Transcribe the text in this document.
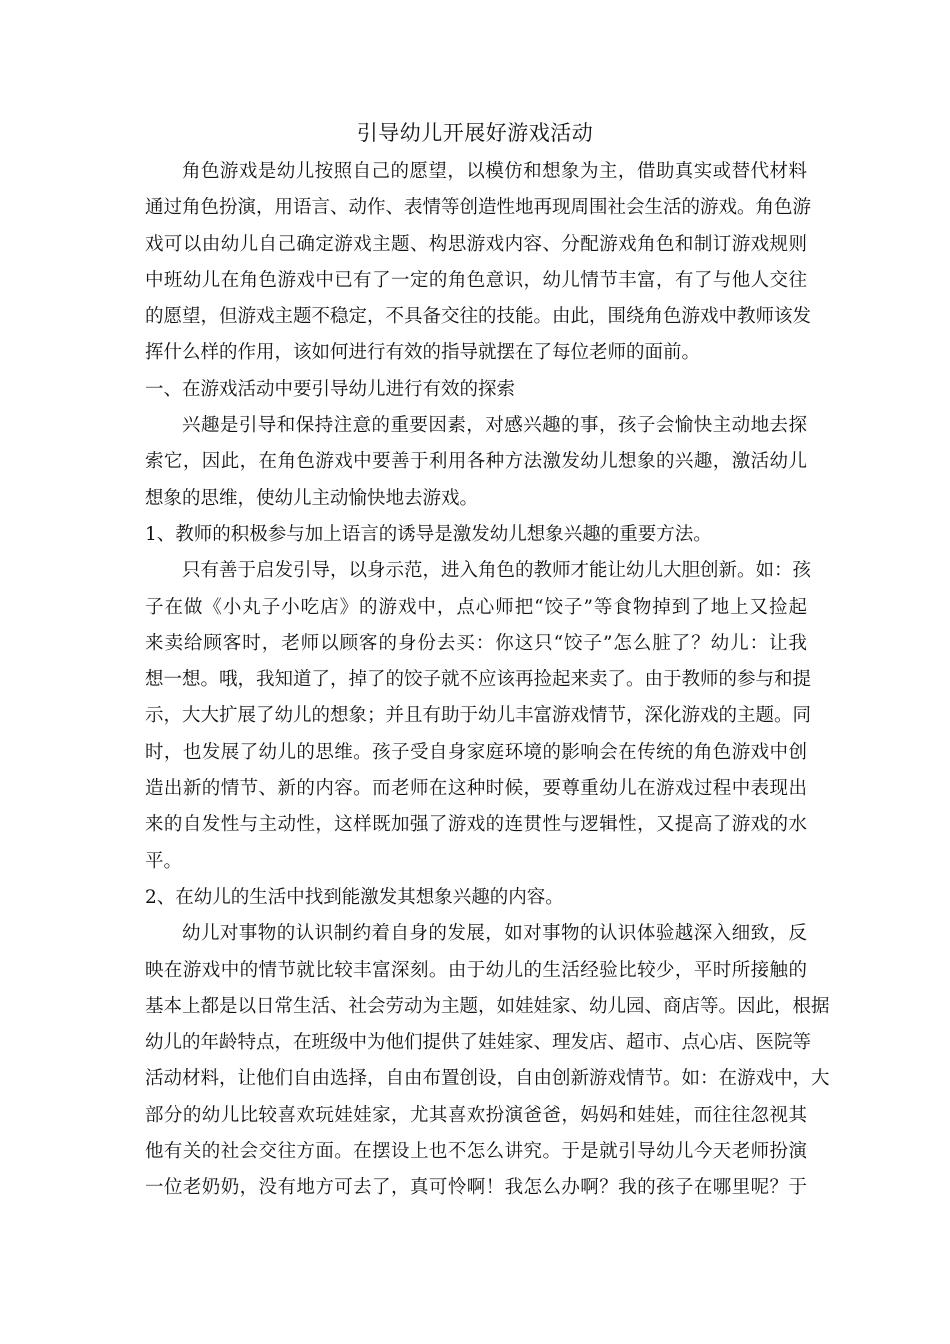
引导幼儿开展好游戏活动
角色游戏是幼儿按照自己的愿望，以模仿和想象为主，借助真实或替代材料
通过角色扮演，用语言、动作、表情等创造性地再现周围社会生活的游戏。角色游
戏可以由幼儿自己确定游戏主题、构思游戏内容、分配游戏角色和制订游戏规则
中班幼儿在角色游戏中已有了一定的角色意识，幼儿情节丰富，有了与他人交往
的愿望，但游戏主题不稳定，不具备交往的技能。由此，围绕角色游戏中教师该发
挥什么样的作用，该如何进行有效的指导就摆在了每位老师的面前。
一、在游戏活动中要引导幼儿进行有效的探索
兴趣是引导和保持注意的重要因素，对感兴趣的事，孩子会愉快主动地去探
索它，因此，在角色游戏中要善于利用各种方法激发幼儿想象的兴趣，激活幼儿
想象的思维，使幼儿主动愉快地去游戏。
1、教师的积极参与加上语言的诱导是激发幼儿想象兴趣的重要方法。
只有善于启发引导，以身示范，进入角色的教师才能让幼儿大胆创新。如：孩
子在做《小丸子小吃店》的游戏中，点心师把“饺子”等食物掉到了地上又捡起
来卖给顾客时，老师以顾客的身份去买：你这只“饺子”怎么脏了？幼儿：让我
想一想。哦，我知道了，掉了的饺子就不应该再捡起来卖了。由于教师的参与和提
示，大大扩展了幼儿的想象；并且有助于幼儿丰富游戏情节，深化游戏的主题。同
时，也发展了幼儿的思维。孩子受自身家庭环境的影响会在传统的角色游戏中创
造出新的情节、新的内容。而老师在这种时候，要尊重幼儿在游戏过程中表现出
来的自发性与主动性，这样既加强了游戏的连贯性与逻辑性，又提高了游戏的水
平。
2、在幼儿的生活中找到能激发其想象兴趣的内容。
幼儿对事物的认识制约着自身的发展，如对事物的认识体验越深入细致，反
映在游戏中的情节就比较丰富深刻。由于幼儿的生活经验比较少，平时所接触的
基本上都是以日常生活、社会劳动为主题，如娃娃家、幼儿园、商店等。因此，根据
幼儿的年龄特点，在班级中为他们提供了娃娃家、理发店、超市、点心店、医院等
活动材料，让他们自由选择，自由布置创设，自由创新游戏情节。如：在游戏中，大
部分的幼儿比较喜欢玩娃娃家，尤其喜欢扮演爸爸，妈妈和娃娃，而往往忽视其
他有关的社会交往方面。在摆设上也不怎么讲究。于是就引导幼儿今天老师扮演
一位老奶奶，没有地方可去了，真可怜啊！我怎么办啊？我的孩子在哪里呢？于
